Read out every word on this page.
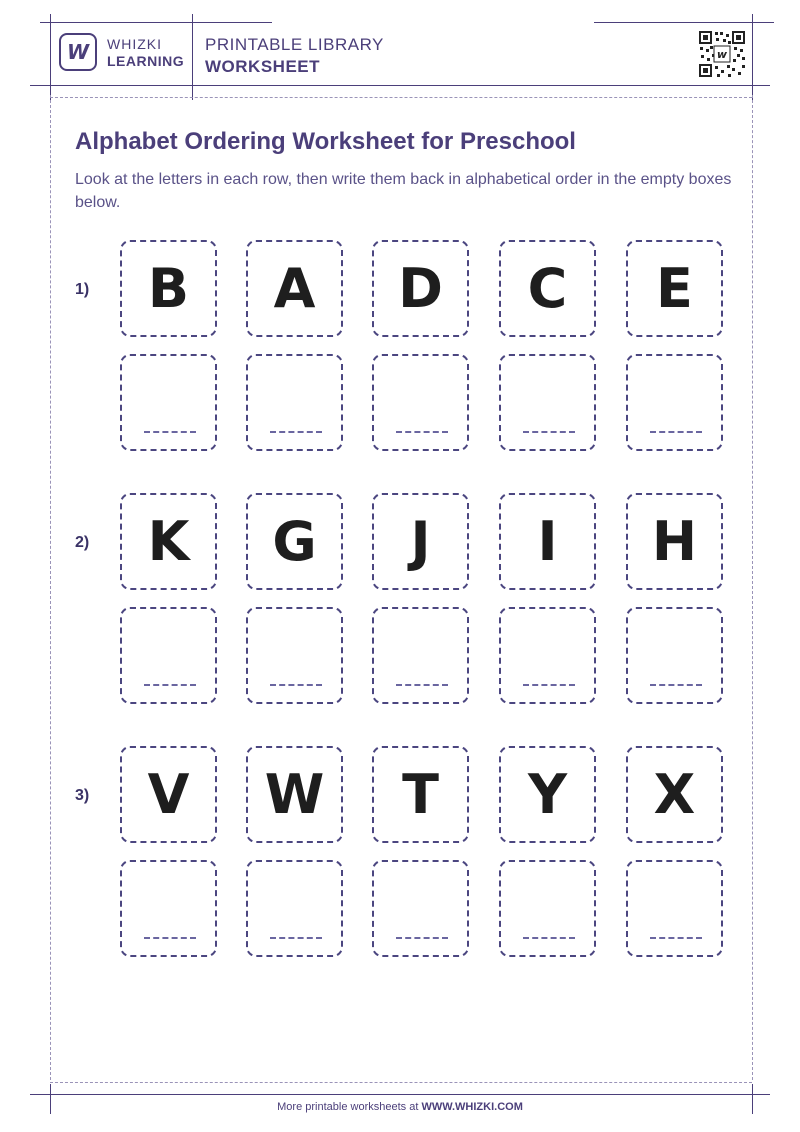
W WHIZKI
LEARNING
PRINTABLE LIBRARY
WORKSHEET
w
Alphabet Ordering Worksheet for Preschool
Look at the letters in each row, then write them back in alphabetical order in the empty boxes below.
1) B A D C E
2) K G J I H
3) V W T Y X
More printable worksheets at WWW.WHIZKI.COM
